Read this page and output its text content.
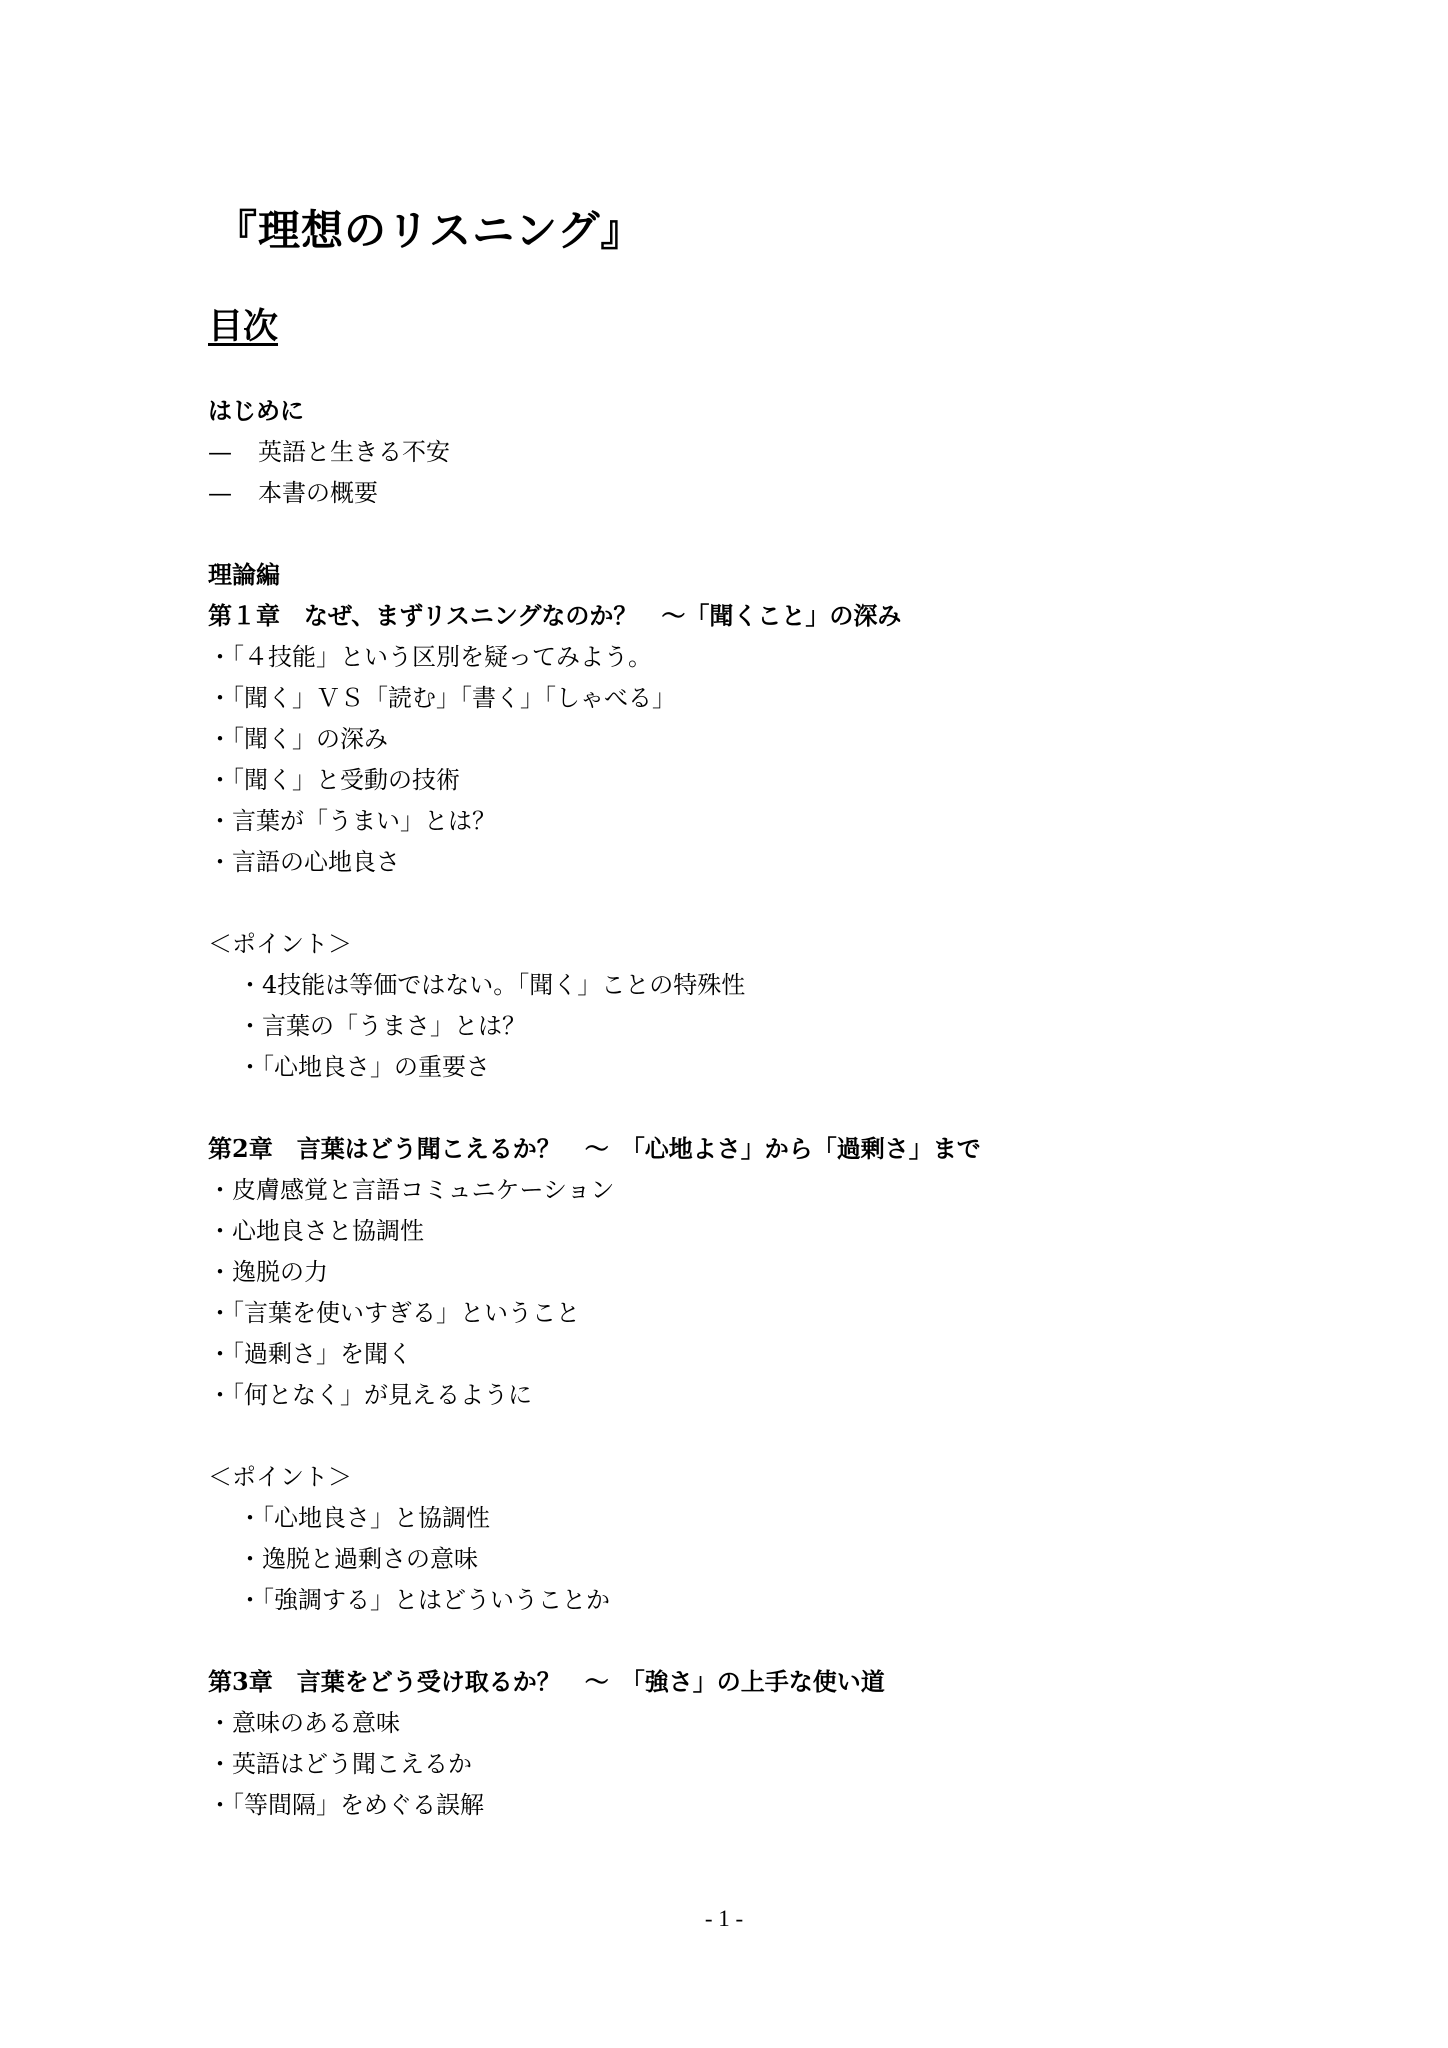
『理想のリスニング』
目次

はじめに

— 英語と生きる不安

— 本書の概要

理論編

第１章　なぜ、まずリスニングなのか？　～「聞くこと」の深み

・「４技能」という区別を疑ってみよう。

・「聞く」ＶＳ「読む」「書く」「しゃべる」

・「聞く」の深み

・「聞く」と受動の技術

・言葉が「うまい」とは？

・言語の心地良さ

＜ポイント＞

・4技能は等価ではない。「聞く」ことの特殊性

・言葉の「うまさ」とは？

・「心地良さ」の重要さ

第2章　言葉はどう聞こえるか？　～　「心地よさ」から「過剰さ」まで

・皮膚感覚と言語コミュニケーション

・心地良さと協調性

・逸脱の力

・「言葉を使いすぎる」ということ

・「過剰さ」を聞く

・「何となく」が見えるように

＜ポイント＞

・「心地良さ」と協調性

・逸脱と過剰さの意味

・「強調する」とはどういうことか

第3章　言葉をどう受け取るか？　～　「強さ」の上手な使い道

・意味のある意味

・英語はどう聞こえるか

・「等間隔」をめぐる誤解

- 1 -
